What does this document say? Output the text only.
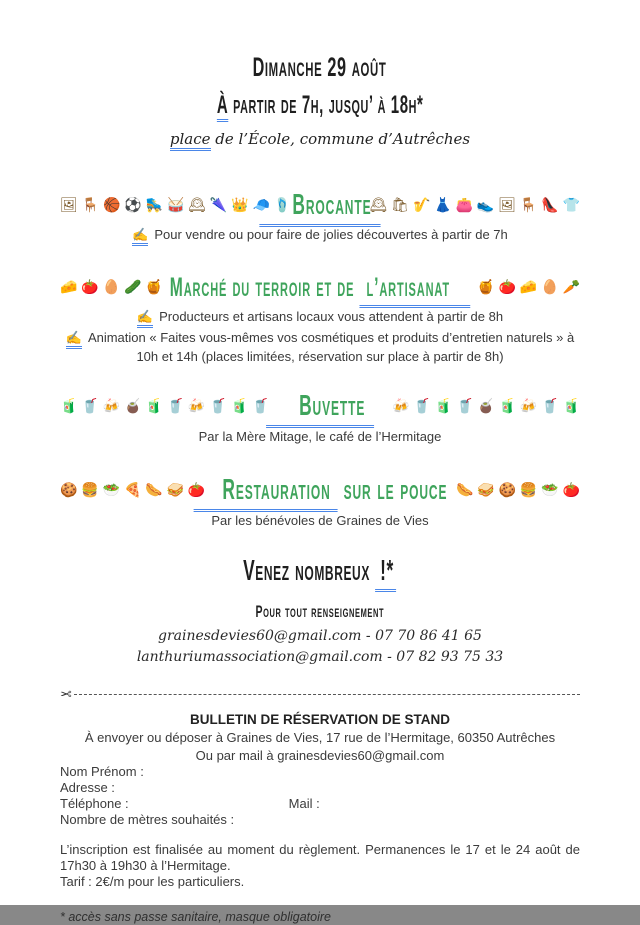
Dimanche 29 août
À partir de 7h, jusqu’ à 18h*
place de l’École, commune d’Autrêches
🖼 🪑 🏀 ⚽ 🛼 🥁 🕰 🌂 👑 🧢 🩴 Brocante
🕰 🛍 🎷 👗 👛 👟 🖼 🪑 👠 👕
✍ Pour vendre ou pour faire de jolies découvertes à partir de 7h
🧀 🍅 🥚 🥒 🍯 Marché du terroir et de l’artisanat	🍯 🍅 🧀 🥚 🥕
✍ Producteurs et artisans locaux vous attendent à partir de 8h
✍ Animation « Faites vous-mêmes vos cosmétiques et produits d’entretien naturels » à 10h et 14h (places limitées, réservation sur place à partir de 8h)
🧃 🥤 🍻 🧉 🧃 🥤 🍻 🥤 🧃 🥤	Buvette	🍻 🥤 🧃 🥤 🧉 🧃 🍻 🥤 🧃
Par la Mère Mitage, le café de l’Hermitage
🍪 🍔 🥗 🍕 🌭 🥪 🍅 Restauration sur le pouce 🌭 🥪 🍪 🍔 🥗 🍅
Par les bénévoles de Graines de Vies
Venez nombreux !*
Pour tout renseignement
grainesdevies60@gmail.com - 07 70 86 41 65
lanthuriumassociation@gmail.com - 07 82 93 75 33
✂
BULLETIN DE RÉSERVATION DE STAND
À envoyer ou déposer à Graines de Vies, 17 rue de l’Hermitage, 60350 Autrêches
Ou par mail à grainesdevies60@gmail.com
Nom Prénom :
Adresse :
Téléphone :	Mail :
Nombre de mètres souhaités :
L’inscription est finalisée au moment du règlement. Permanences le 17 et le 24 août de 17h30 à 19h30 à l’Hermitage.
Tarif : 2€/m pour les particuliers.
* accès sans passe sanitaire, masque obligatoire
